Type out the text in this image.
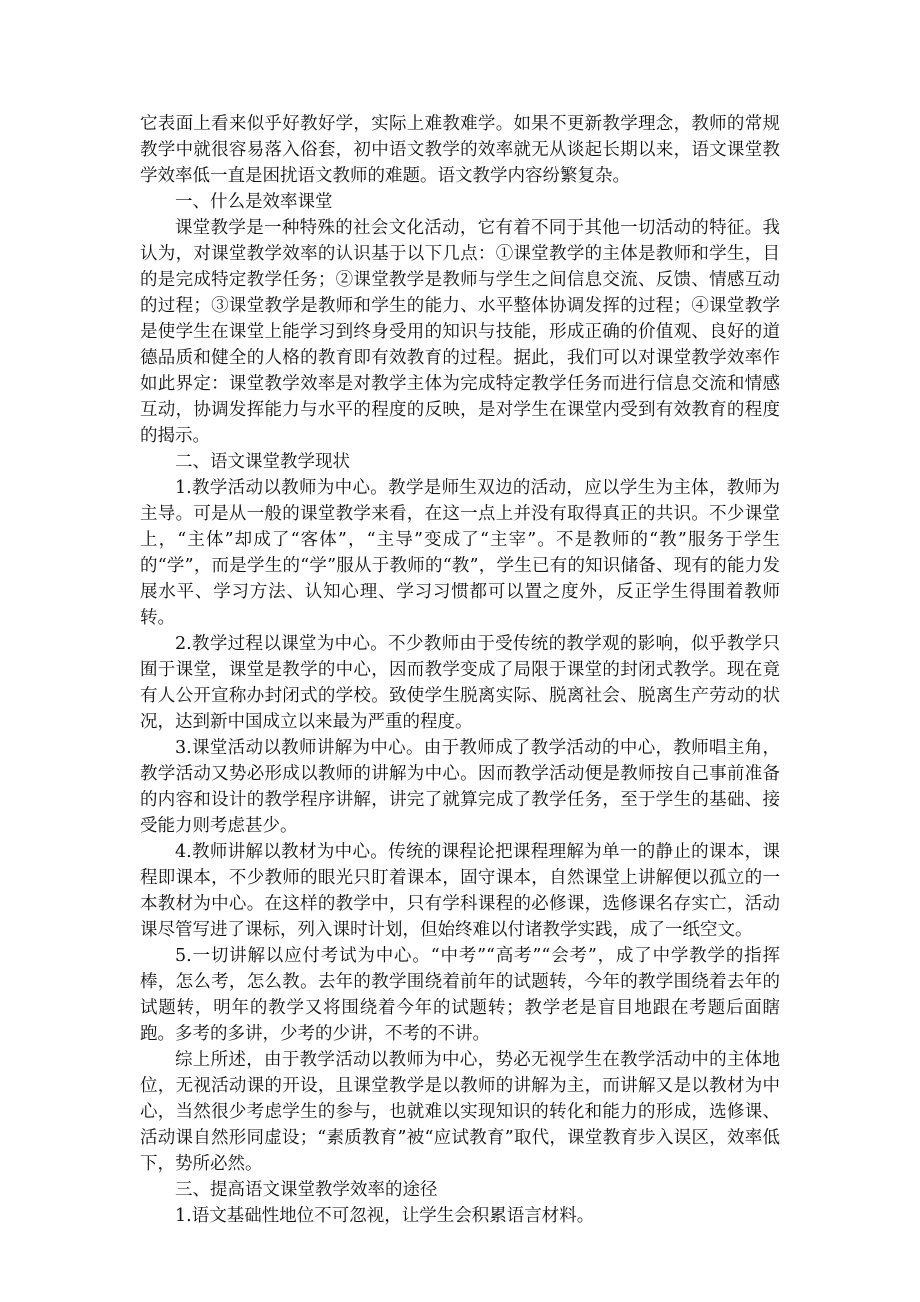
它表面上看来似乎好教好学，实际上难教难学。如果不更新教学理念，教师的常规教学中就很容易落入俗套，初中语文教学的效率就无从谈起长期以来，语文课堂教学效率低一直是困扰语文教师的难题。语文教学内容纷繁复杂。

一、什么是效率课堂

课堂教学是一种特殊的社会文化活动，它有着不同于其他一切活动的特征。我认为，对课堂教学效率的认识基于以下几点：①课堂教学的主体是教师和学生，目的是完成特定教学任务；②课堂教学是教师与学生之间信息交流、反馈、情感互动的过程；③课堂教学是教师和学生的能力、水平整体协调发挥的过程；④课堂教学是使学生在课堂上能学习到终身受用的知识与技能，形成正确的价值观、良好的道德品质和健全的人格的教育即有效教育的过程。据此，我们可以对课堂教学效率作如此界定：课堂教学效率是对教学主体为完成特定教学任务而进行信息交流和情感互动，协调发挥能力与水平的程度的反映，是对学生在课堂内受到有效教育的程度的揭示。

二、语文课堂教学现状

1.教学活动以教师为中心。教学是师生双边的活动，应以学生为主体，教师为主导。可是从一般的课堂教学来看，在这一点上并没有取得真正的共识。不少课堂上，“主体”却成了“客体”，“主导”变成了“主宰”。不是教师的“教”服务于学生的“学”，而是学生的“学”服从于教师的“教”，学生已有的知识储备、现有的能力发展水平、学习方法、认知心理、学习习惯都可以置之度外，反正学生得围着教师转。

2.教学过程以课堂为中心。不少教师由于受传统的教学观的影响，似乎教学只囿于课堂，课堂是教学的中心，因而教学变成了局限于课堂的封闭式教学。现在竟有人公开宣称办封闭式的学校。致使学生脱离实际、脱离社会、脱离生产劳动的状况，达到新中国成立以来最为严重的程度。

3.课堂活动以教师讲解为中心。由于教师成了教学活动的中心，教师唱主角，教学活动又势必形成以教师的讲解为中心。因而教学活动便是教师按自己事前准备的内容和设计的教学程序讲解，讲完了就算完成了教学任务，至于学生的基础、接受能力则考虑甚少。

4.教师讲解以教材为中心。传统的课程论把课程理解为单一的静止的课本，课程即课本，不少教师的眼光只盯着课本，固守课本，自然课堂上讲解便以孤立的一本教材为中心。在这样的教学中，只有学科课程的必修课，选修课名存实亡，活动课尽管写进了课标，列入课时计划，但始终难以付诸教学实践，成了一纸空文。

5.一切讲解以应付考试为中心。“中考”“高考”“会考”，成了中学教学的指挥棒，怎么考，怎么教。去年的教学围绕着前年的试题转，今年的教学围绕着去年的试题转，明年的教学又将围绕着今年的试题转；教学老是盲目地跟在考题后面瞎跑。多考的多讲，少考的少讲，不考的不讲。

综上所述，由于教学活动以教师为中心，势必无视学生在教学活动中的主体地位，无视活动课的开设，且课堂教学是以教师的讲解为主，而讲解又是以教材为中心，当然很少考虑学生的参与，也就难以实现知识的转化和能力的形成，选修课、活动课自然形同虚设；“素质教育”被“应试教育”取代，课堂教育步入误区，效率低下，势所必然。

三、提高语文课堂教学效率的途径

1.语文基础性地位不可忽视，让学生会积累语言材料。
